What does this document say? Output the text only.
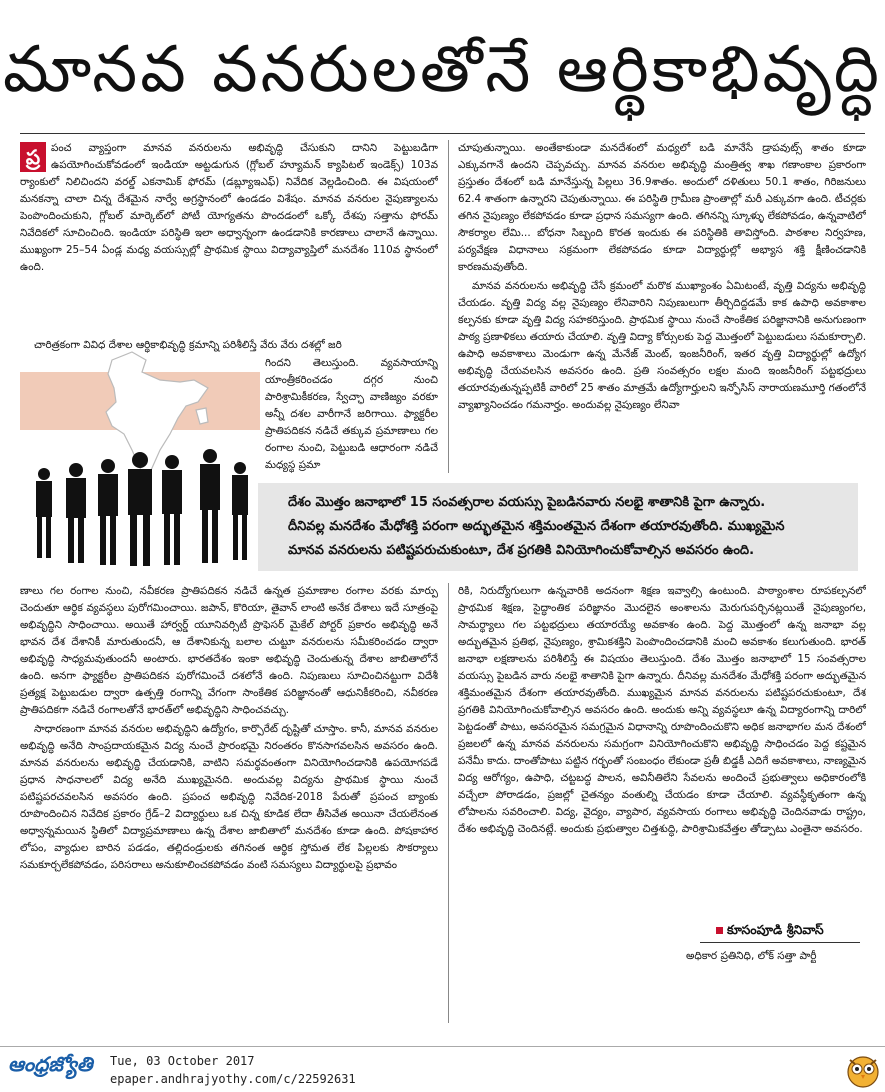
మానవ వనరులతోనే ఆర్థికాభివృద్ధి

ప్ర	పంచ వ్యాప్తంగా మానవ వనరులను అభివృద్ధి చేసుకుని దానిని పెట్టుబడిగా ఉపయోగించుకోవడంలో ఇండియా అట్టడుగున (గ్లోబల్ హ్యూమన్ క్యాపిటల్ ఇండెక్స్) 103వ ర్యాంకులో నిలిచిందని వరల్డ్ ఎకనామిక్ ఫోరమ్ (డబ్ల్యూఇఎఫ్) నివేదిక వెల్లడించింది. ఈ విషయంలో మనకన్నా చాలా చిన్న దేశమైన నార్వే అగ్రస్థానంలో ఉండడం విశేషం. మానవ వనరుల నైపుణ్యాలను పెంపొందించుకుని, గ్లోబల్ మార్కెట్‌లో పోటీ యోగ్యతను పొందడంలో ఒక్కో దేశపు సత్తాను ఫోరమ్ నివేదికలో సూచించింది. ఇండియా పరిస్థితి ఇలా అధ్వాన్నంగా ఉండడానికి కారణాలు చాలానే ఉన్నాయి. ముఖ్యంగా 25–54 ఏండ్ల మధ్య వయస్సుల్లో ప్రాథమిక స్థాయి విద్యావ్యాప్తిలో మనదేశం 110వ స్థానంలో ఉంది.

చారిత్రకంగా వివిధ దేశాల ఆర్థికాభివృద్ధి క్రమాన్ని పరిశీలిస్తే వేరు వేరు దశల్లో జరి

గిందని తెలుస్తుంది. వ్యవసాయాన్ని యాంత్రీకరించడం దగ్గర నుంచి పారిశ్రామికీకరణ, స్వేచ్ఛా వాణిజ్యం వరకూ అన్నీ దశల వారీగానే జరిగాయి. ఫ్యాక్టరీల ప్రాతిపదికన నడిచే తక్కువ ప్రమాణాలు గల రంగాల నుంచి, పెట్టుబడి ఆధారంగా నడిచే మధ్యస్థ ప్రమా

చూపుతున్నాయి. అంతేకాకుండా మనదేశంలో మధ్యలో బడి మానేసే డ్రాపవుట్స్ శాతం కూడా ఎక్కువగానే ఉందని చెప్పవచ్చు. మానవ వనరుల అభివృద్ధి మంత్రిత్వ శాఖ గణాంకాల ప్రకారంగా ప్రస్తుతం దేశంలో బడి మానేస్తున్న పిల్లలు 36.9శాతం. అందులో దళితులు 50.1 శాతం, గిరిజనులు 62.4 శాతంగా ఉన్నారని చెపుతున్నాయి. ఈ పరిస్థితి గ్రామీణ ప్రాంతాల్లో మరీ ఎక్కువగా ఉంది. టీచర్లకు తగిన నైపుణ్యం లేకపోవడం కూడా ప్రధాన సమస్యగా ఉంది. తగినన్ని స్కూళ్ళు లేకపోవడం, ఉన్నవాటిలో సౌకర్యాల లేమి... బోధనా సిబ్బంది కొరత ఇందుకు ఈ పరిస్థితికి తావిస్తోంది. పాఠశాల నిర్వహణ, పర్యవేక్షణ విధానాలు సక్రమంగా లేకపోవడం కూడా విద్యార్థుల్లో అభ్యాస శక్తి క్షీణించడానికి కారణమవుతోంది.

మానవ వనరులను అభివృద్ధి చేసే క్రమంలో మరొక ముఖ్యాంశం ఏమిటంటే, వృత్తి విద్యను అభివృద్ధి చేయడం. వృత్తి విద్య వల్ల నైపుణ్యం లేనివారిని నిపుణులుగా తీర్చిదిద్దడమే కాక ఉపాధి అవకాశాల కల్పనకు కూడా వృత్తి విద్య సహకరిస్తుంది. ప్రాథమిక స్థాయి నుంచే సాంకేతిక పరిజ్ఞానానికి అనుగుణంగా పాఠ్య ప్రణాళికలు తయారు చేయాలి. వృత్తి విద్యా కోర్సులకు పెద్ద మొత్తంలో పెట్టుబడులు సమకూర్చాలి. ఉపాధి అవకాశాలు మెండుగా ఉన్న మేనేజ్ మెంట్, ఇంజనీరింగ్, ఇతర వృత్తి విద్యార్థుల్లో ఉద్యోగ అభివృద్ధి చేయవలసిన అవసరం ఉంది. ప్రతి సంవత్సరం లక్షల మంది ఇంజనీరింగ్ పట్టభద్రులు తయారవుతున్నప్పటికీ వారిలో 25 శాతం మాత్రమే ఉద్యోగార్హులని ఇన్ఫోసిస్ నారాయణమూర్తి గతంలోనే వ్యాఖ్యానించడం గమనార్హం. అందువల్ల నైపుణ్యం లేనివా

దేశం మొత్తం జనాభాలో 15 సంవత్సరాల వయస్సు పైబడినవారు నలభై శాతానికి పైగా ఉన్నారు.
దీనివల్ల మనదేశం మేధోశక్తి పరంగా అద్భుతమైన శక్తిమంతమైన దేశంగా తయారవుతోంది. ముఖ్యమైన
మానవ వనరులను పటిష్టపరుచుకుంటూ, దేశ ప్రగతికి వినియోగించుకోవాల్సిన అవసరం ఉంది.

ణాలు గల రంగాల నుంచి, నవీకరణ ప్రాతిపదికన నడిచే ఉన్నత ప్రమాణాల రంగాల వరకు మార్పు చెందుతూ ఆర్థిక వ్యవస్థలు పురోగమించాయి. జపాన్, కొరియా, తైవాన్ లాంటి అనేక దేశాలు ఇదే సూత్రంపై అభివృద్ధిని సాధించాయి. అయితే హార్వర్డ్ యూనివర్సిటీ ప్రొఫెసర్ మైకేల్ పోర్టర్ ప్రకారం అభివృద్ధి అనే భావన దేశ దేశానికీ మారుతుందనీ, ఆ దేశానికున్న బలాల చుట్టూ వనరులను సమీకరించడం ద్వారా అభివృద్ధి సాధ్యమవుతుందనీ అంటారు. భారతదేశం ఇంకా అభివృద్ధి చెందుతున్న దేశాల జాబితాలోనే ఉంది. అనగా ఫ్యాక్టరీల ప్రాతిపదికన పురోగమించే దశలోనే ఉంది. నిపుణులు సూచించినట్టుగా విదేశీ ప్రత్యక్ష పెట్టుబడుల ద్వారా ఉత్పత్తి రంగాన్ని వేగంగా సాంకేతిక పరిజ్ఞానంతో ఆధునికీకరించి, నవీకరణ ప్రాతిపదికగా నడిచే రంగాలతోనే భారత్‌లో అభివృద్ధిని సాధించవచ్చు.

సాధారణంగా మానవ వనరుల అభివృద్ధిని ఉద్యోగం, కార్పొరేట్ దృష్టితో చూస్తాం. కానీ, మానవ వనరుల అభివృద్ధి అనేది సాంప్రదాయకమైన విద్య నుంచే ప్రారంభమై నిరంతరం కొనసాగవలసిన అవసరం ఉంది. మానవ వనరులను అభివృద్ధి చేయడానికి, వాటిని సమర్థవంతంగా వినియోగించడానికి ఉపయోగపడే ప్రధాన సాధనాలలో విద్య అనేది ముఖ్యమైనది. అందువల్ల విద్యను ప్రాథమిక స్థాయి నుంచే పటిష్టపరచవలసిన అవసరం ఉంది. ప్రపంచ అభివృద్ధి నివేదిక-2018 పేరుతో ప్రపంచ బ్యాంకు రూపొందించిన నివేదిక ప్రకారం గ్రేడ్–2 విద్యార్థులు ఒక చిన్న కూడిక లేదా తీసివేత అయినా చేయలేనంత అధ్వాన్నమయిన స్థితిలో విద్యాప్రమాణాలు ఉన్న దేశాల జాబితాలో మనదేశం కూడా ఉంది. పోషకాహార లోపం, వ్యాధుల బారిన పడడం, తల్లిదండ్రులకు తగినంత ఆర్థిక స్తోమత లేక పిల్లలకు సౌకర్యాలు సమకూర్చలేకపోవడం, పరిసరాలు అనుకూలించకపోవడం వంటి సమస్యలు విద్యార్థులపై ప్రభావం

రికి, నిరుద్యోగులుగా ఉన్నవారికి అదనంగా శిక్షణ ఇవ్వాల్సి ఉంటుంది. పాఠ్యాంశాల రూపకల్పనలో ప్రాథమిక శిక్షణ, సైద్ధాంతిక పరిజ్ఞానం మొదలైన అంశాలను మెరుగుపర్చినట్లయితే నైపుణ్యంగల, సామర్థ్యాలు గల పట్టభద్రులు తయారయ్యే అవకాశం ఉంది. పెద్ద మొత్తంలో ఉన్న జనాభా వల్ల అద్భుతమైన ప్రతిభ, నైపుణ్యం, శ్రామికశక్తిని పెంపొందించడానికి మంచి అవకాశం కలుగుతుంది. భారత్ జనాభా లక్షణాలను పరిశీలిస్తే ఈ విషయం తెలుస్తుంది. దేశం మొత్తం జనాభాలో 15 సంవత్సరాల వయస్సు పైబడిన వారు నలభై శాతానికి పైగా ఉన్నారు. దీనివల్ల మనదేశం మేధోశక్తి పరంగా అద్భుతమైన శక్తిమంతమైన దేశంగా తయారవుతోంది. ముఖ్యమైన మానవ వనరులను పటిష్టపరచుకుంటూ, దేశ ప్రగతికి వినియోగించుకోవాల్సిన అవసరం ఉంది. అందుకు అన్ని వ్యవస్థలూ ఉన్న విద్యారంగాన్ని దారిలో పెట్టడంతో పాటు, అవసరమైన సమగ్రమైన విధానాన్ని రూపొందించుకొని అధిక జనాభాగల మన దేశంలో ప్రజలలో ఉన్న మానవ వనరులను సమగ్రంగా వినియోగించుకొని అభివృద్ధి సాధించడం పెద్ద కష్టమైన పనేమీ కాదు. దాంతోపాటు పట్టిన గర్భంతో సంబంధం లేకుండా ప్రతీ బిడ్డకీ ఎదిగే అవకాశాలు, నాణ్యమైన విద్య ఆరోగ్యం, ఉపాధి, చట్టబద్ధ పాలన, అవినీతిలేని సేవలను అందించే ప్రభుత్వాలు అధికారంలోకి వచ్చేలా పోరాడడం, ప్రజల్లో చైతన్యం వంతుల్ని చేయడం కూడా చేయాలి. వ్యవస్థీకృతంగా ఉన్న లోపాలను సవరించాలి. విద్య, వైద్యం, వ్యాపార, వ్యవసాయ రంగాలు అభివృద్ధి చెందినవాడు రాష్ట్రం, దేశం అభివృద్ధి చెందినట్లే. అందుకు ప్రభుత్వాల చిత్తశుద్ధి, పారిశ్రామికవేత్తల తోడ్పాటు ఎంతైనా అవసరం.

కూసంపూడి శ్రీనివాస్
అధికార ప్రతినిధి, లోక్ సత్తా పార్టీ
ఆంధ్రజ్యోతి Tue, 03 October 2017
epaper.andhrajyothy.com/c/22592631
